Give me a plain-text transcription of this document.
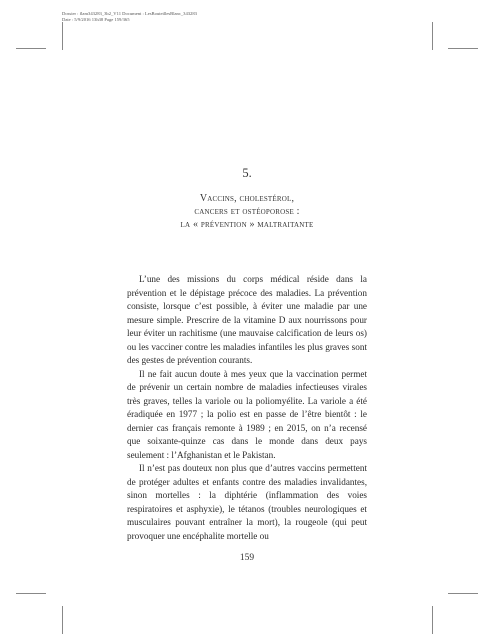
Dossier : flam343283_3b2_V11 Document : LesBouteillesBlanc_343283
Date : 5/9/2016 13h38 Page 159/365
5.
Vaccins, cholestérol,
cancers et ostéoporose :
la « prévention » maltraitante

L’une des missions du corps médical réside dans la prévention et le dépistage précoce des maladies. La prévention consiste, lorsque c’est possible, à éviter une maladie par une mesure simple. Prescrire de la vitamine D aux nourrissons pour leur éviter un rachitisme (une mauvaise calcification de leurs os) ou les vacciner contre les maladies infantiles les plus graves sont des gestes de prévention courants.

Il ne fait aucun doute à mes yeux que la vaccination permet de prévenir un certain nombre de maladies infectieuses virales très graves, telles la variole ou la poliomyélite. La variole a été éradiquée en 1977 ; la polio est en passe de l’être bientôt : le dernier cas français remonte à 1989 ; en 2015, on n’a recensé que soixante-quinze cas dans le monde dans deux pays seulement : l’Afghanistan et le Pakistan.

Il n’est pas douteux non plus que d’autres vaccins permettent de protéger adultes et enfants contre des maladies invalidantes, sinon mortelles : la diphtérie (inflammation des voies respiratoires et asphyxie), le tétanos (troubles neurologiques et musculaires pouvant entraîner la mort), la rougeole (qui peut provoquer une encéphalite mortelle ou

159
